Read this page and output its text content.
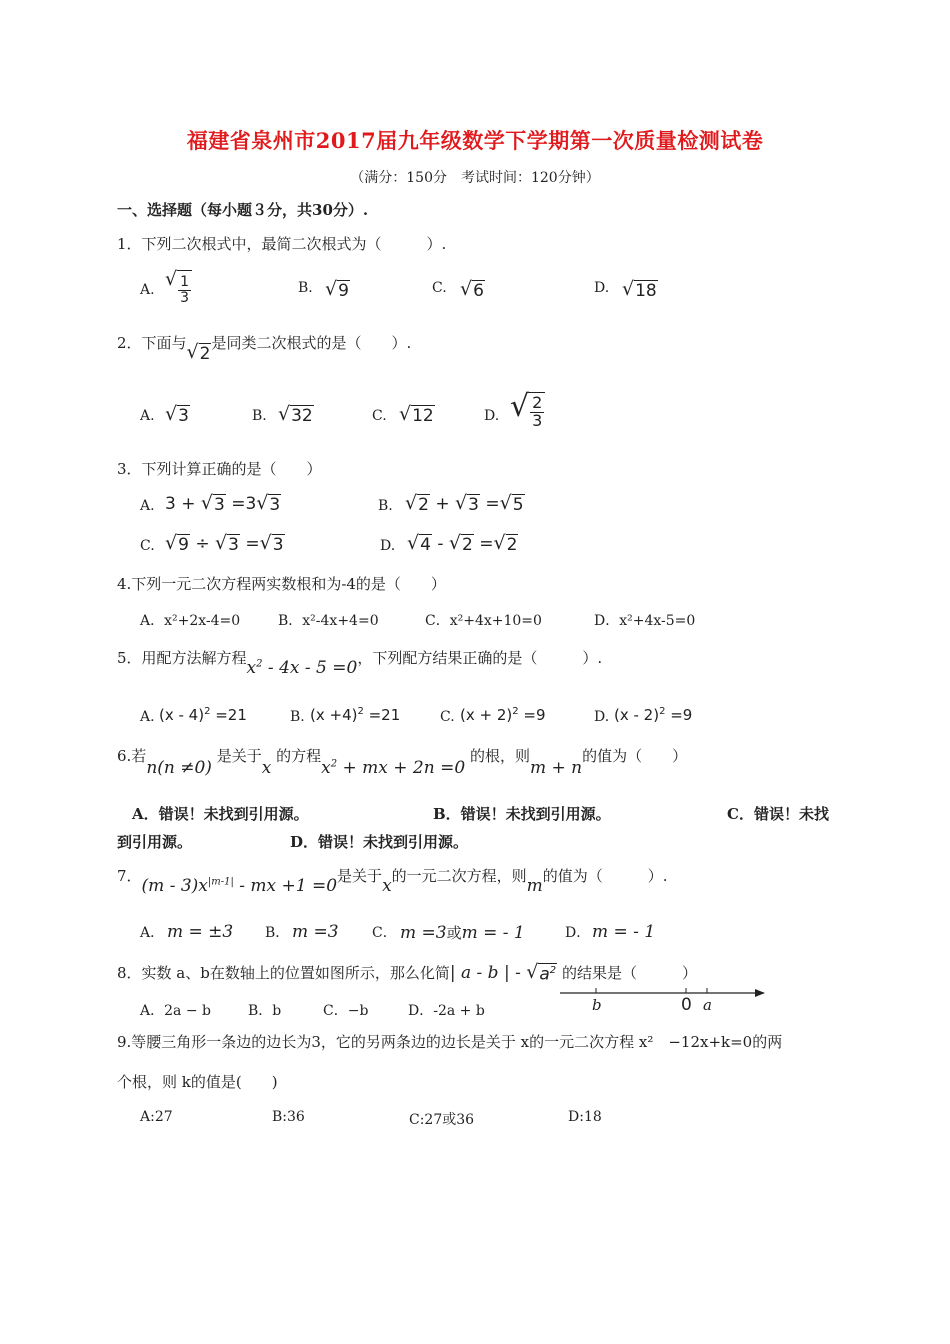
福建省泉州市2017届九年级数学下学期第一次质量检测试卷
（满分：150分　考试时间：120分钟）
一、选择题（每小题３分，共30分）.
1．下列二次根式中，最简二次根式为（　　　）.
A. √ $\frac{1}{3}$	B. √ 9	C. √ 6	D. √ 18
2．下面与 √ 2
是同类二次根式的是（　　）.
A. √ 3	B. √ 32	C. √ 12	D. √ $\frac{2}{3}$
3．下列计算正确的是（　　）
A. 3 + √ 3 =3 √ 3	B. √ 2 + √ 3 = √ 5
C. √ 9 ÷ √ 3 = √ 3	D. √ 4 - √ 2 = √ 2
4.下列一元二次方程两实数根和为-4的是（　　）
A．x²+2x-4=0	B．x²-4x+4=0	C．x²+4x+10=0	D．x²+4x-5=0
5．用配方法解方程$x^2 - 4x - 5 =0$，下列配方结果正确的是（　　　）.
A. (x - 4)$^2$ =21	B. $(x +4)^2 =21$	C. $(x + 2)^2 =9$	D. (x - 2)$^2$ =9
6.若n(n ≠0) 是关于x 的方程$x^2$ + mx + 2n =0 的根，则m + n的值为（　　）
A．错误！未找到引用源。	B．错误！未找到引用源。	C．错误！未找
到引用源。	D．错误！未找到引用源。
7．$(m - 3)x^{|m-1|}$ - mx +1 =0是关于x的一元二次方程，则m的值为（　　　）.
A． m = ±3 B． m =3 C． m =3或m = - 1	D． m = - 1
8．实数 a、b在数轴上的位置如图所示，那么化简| a - b | - √ $a^2$ 的结果是（　　　）
A．2a − b	B．b	C．−b	D．-2a + b	b	0 a
9.等腰三角形一条边的边长为3，它的另两条边的边长是关于 x的一元二次方程 x²　−12x+k=0的两
个根，则 k的值是(　　)
A:27	B:36	C:27或36	D:18
